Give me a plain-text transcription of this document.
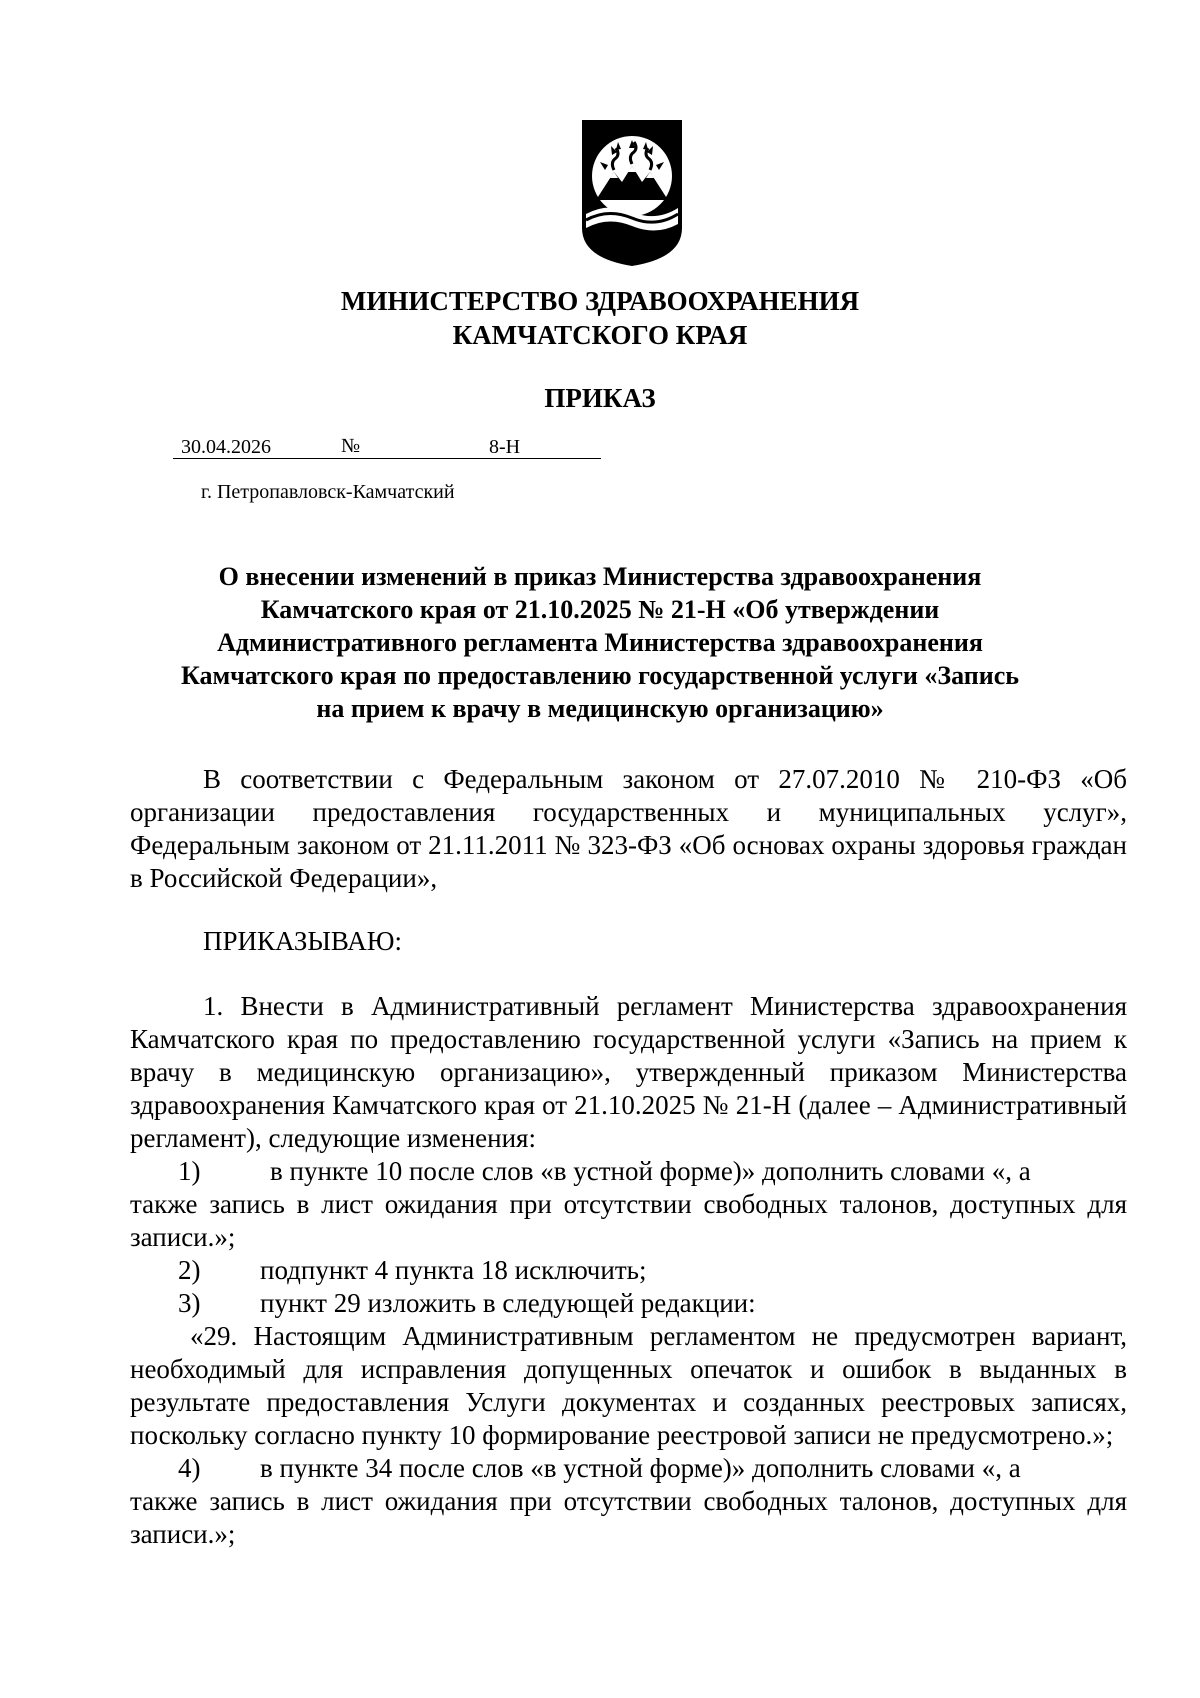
МИНИСТЕРСТВО ЗДРАВООХРАНЕНИЯ
КАМЧАТСКОГО КРАЯ
ПРИКАЗ
30.04.2026	№	8-Н
г. Петропавловск-Камчатский
О внесении изменений в приказ Министерства здравоохранения
Камчатского края от 21.10.2025 № 21-Н «Об утверждении
Административного регламента Министерства здравоохранения
Камчатского края по предоставлению государственной услуги «Запись
на прием к врачу в медицинскую организацию»

В соответствии с Федеральным законом от 27.07.2010 № 210-ФЗ «Об организации предоставления государственных и муниципальных услуг», Федеральным законом от 21.11.2011 № 323-ФЗ «Об основах охраны здоровья граждан в Российской Федерации»,

ПРИКАЗЫВАЮ:

1. Внести в Административный регламент Министерства здравоохранения Камчатского края по предоставлению государственной услуги «Запись на прием к врачу в медицинскую организацию», утвержденный приказом Министерства здравоохранения Камчатского края от 21.10.2025 № 21-Н (далее – Административный регламент), следующие изменения:

1)	в пункте 10 после слов «в устной форме)» дополнить словами «, а

также запись в лист ожидания при отсутствии свободных талонов, доступных для записи.»;

2)	подпункт 4 пункта 18 исключить;
3)	пункт 29 изложить в следующей редакции:

«29. Настоящим Административным регламентом не предусмотрен вариант, необходимый для исправления допущенных опечаток и ошибок в выданных в результате предоставления Услуги документах и созданных реестровых записях, поскольку согласно пункту 10 формирование реестровой записи не предусмотрено.»;

4)	в пункте 34 после слов «в устной форме)» дополнить словами «, а

также запись в лист ожидания при отсутствии свободных талонов, доступных для записи.»;
